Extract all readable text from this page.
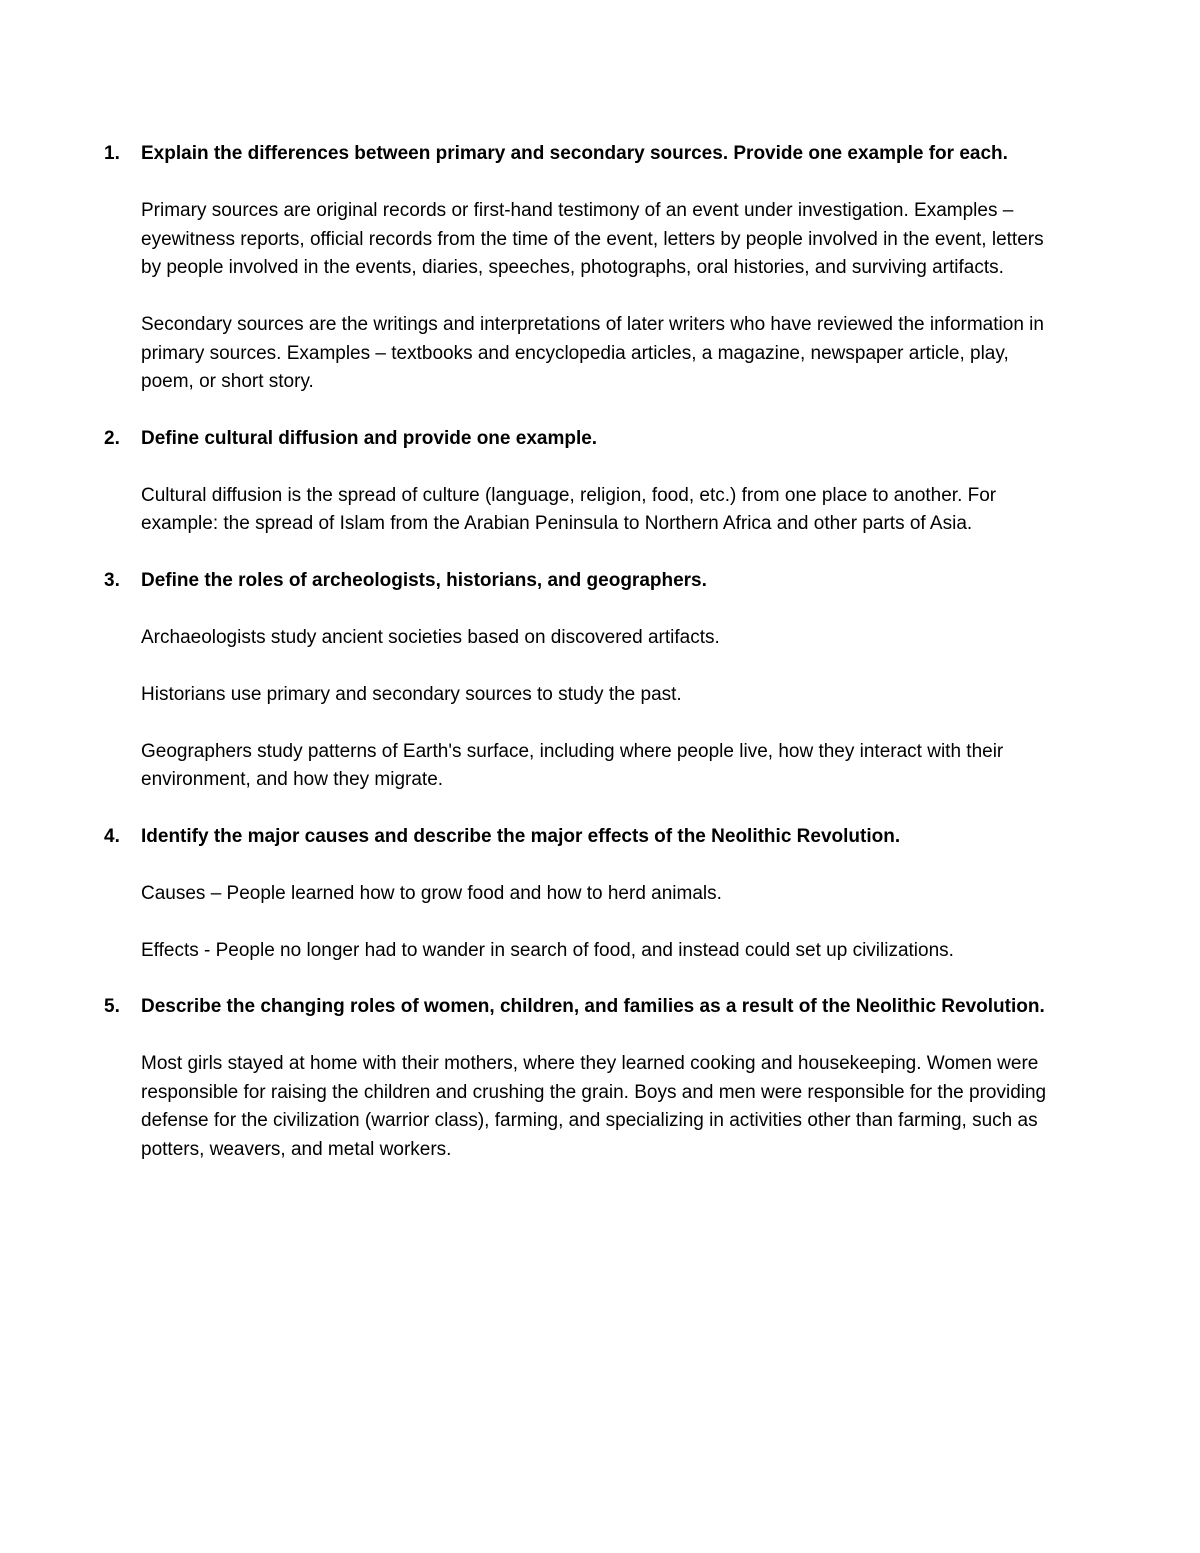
1. Explain the differences between primary and secondary sources. Provide one example for each.

Primary sources are original records or first-hand testimony of an event under investigation. Examples – eyewitness reports, official records from the time of the event, letters by people involved in the event, letters by people involved in the events, diaries, speeches, photographs, oral histories, and surviving artifacts.

Secondary sources are the writings and interpretations of later writers who have reviewed the information in primary sources. Examples – textbooks and encyclopedia articles, a magazine, newspaper article, play, poem, or short story.

2. Define cultural diffusion and provide one example.

Cultural diffusion is the spread of culture (language, religion, food, etc.) from one place to another. For example: the spread of Islam from the Arabian Peninsula to Northern Africa and other parts of Asia.

3. Define the roles of archeologists, historians, and geographers.

Archaeologists study ancient societies based on discovered artifacts.

Historians use primary and secondary sources to study the past.

Geographers study patterns of Earth's surface, including where people live, how they interact with their environment, and how they migrate.

4. Identify the major causes and describe the major effects of the Neolithic Revolution.

Causes – People learned how to grow food and how to herd animals.

Effects - People no longer had to wander in search of food, and instead could set up civilizations.

5. Describe the changing roles of women, children, and families as a result of the Neolithic Revolution.

Most girls stayed at home with their mothers, where they learned cooking and housekeeping. Women were responsible for raising the children and crushing the grain. Boys and men were responsible for the providing defense for the civilization (warrior class), farming, and specializing in activities other than farming, such as potters, weavers, and metal workers.
